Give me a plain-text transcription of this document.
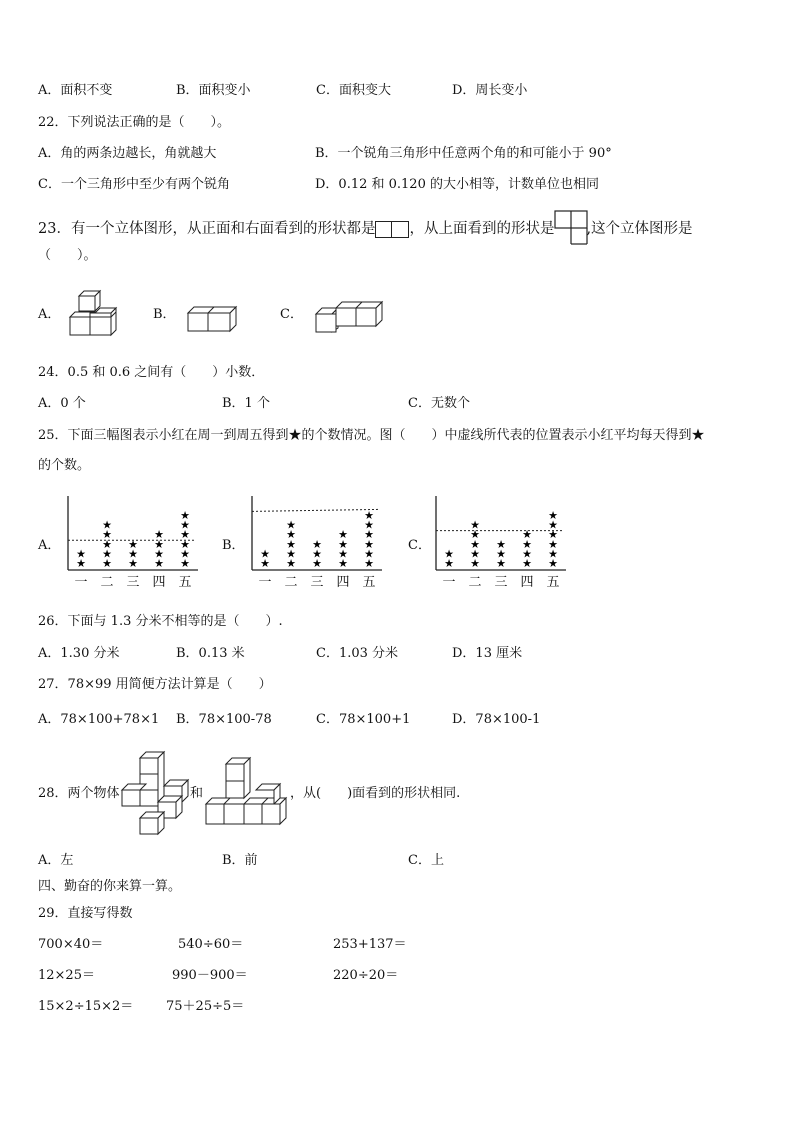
A．面积不变	B．面积变小	C．面积变大	D．周长变小
22．下列说法正确的是（　　）。
A．角的两条边越长，角就越大	B．一个锐角三角形中任意两个角的和可能小于 90°
C．一个三角形中至少有两个锐角	D．0.12 和 0.120 的大小相等，计数单位也相同
23．有一个立体图形，从正面和右面看到的形状都是 ，从上面看到的形状是 ,这个立体图形是
（　　）。
A．	B．	C．
24．0.5 和 0.6 之间有（　　）小数．
A．0 个	B．1 个	C．无数个
25．下面三幅图表示小红在周一到周五得到★的个数情况。图（　　）中虚线所代表的位置表示小红平均每天得到★
的个数。
A．	B．	C．
★
★
一
★
★
★
★
★
二
★
★
★
三
★
★
★
★
四
★
★
★
★
★
★
五
★
★
一
★
★
★
★
★
二
★
★
★
三
★
★
★
★
四
★
★
★
★
★
★
五
★
★
一
★
★
★
★
★
二
★
★
★
三
★
★
★
★
四
★
★
★
★
★
★
五
26．下面与 1.3 分米不相等的是（　　）.
A．1.30 分米	B．0.13 米	C．1.03 分米	D．13 厘米
27．78×99 用简便方法计算是（　　）
A．78×100+78×1 B．78×100-78	C．78×100+1	D．78×100-1
28．两个物体	和	，从(　　)面看到的形状相同.
A．左	B．前	C．上
四、勤奋的你来算一算。
29．直接写得数
700×40＝	540÷60＝	253+137＝
12×25＝	990－900＝	220÷20＝
15×2÷15×2＝	75＋25÷5＝
